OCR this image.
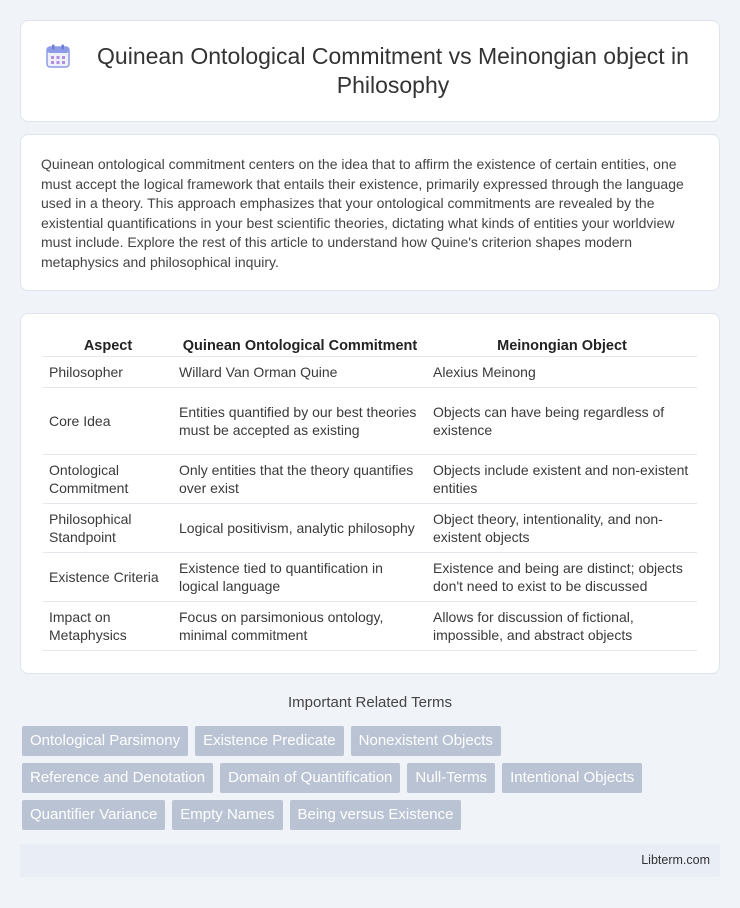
Quinean Ontological Commitment vs Meinongian object in Philosophy

Quinean ontological commitment centers on the idea that to affirm the existence of certain entities, one must accept the logical framework that entails their existence, primarily expressed through the language used in a theory. This approach emphasizes that your ontological commitments are revealed by the existential quantifications in your best scientific theories, dictating what kinds of entities your worldview must include. Explore the rest of this article to understand how Quine's criterion shapes modern metaphysics and philosophical inquiry.

Aspect	Quinean Ontological Commitment	Meinongian Object
Philosopher	Willard Van Orman Quine	Alexius Meinong
Core Idea	Entities quantified by our best theories must be accepted as existing	Objects can have being regardless of existence
Ontological Commitment	Only entities that the theory quantifies over exist	Objects include existent and non-existent entities
Philosophical Standpoint	Logical positivism, analytic philosophy	Object theory, intentionality, and non-existent objects
Existence Criteria	Existence tied to quantification in logical language	Existence and being are distinct; objects don't need to exist to be discussed
Impact on Metaphysics	Focus on parsimonious ontology, minimal commitment	Allows for discussion of fictional, impossible, and abstract objects
Important Related Terms
Ontological Parsimony	Existence Predicate	Nonexistent Objects
Reference and Denotation	Domain of Quantification	Null-Terms	Intentional Objects
Quantifier Variance	Empty Names	Being versus Existence
Libterm.com
